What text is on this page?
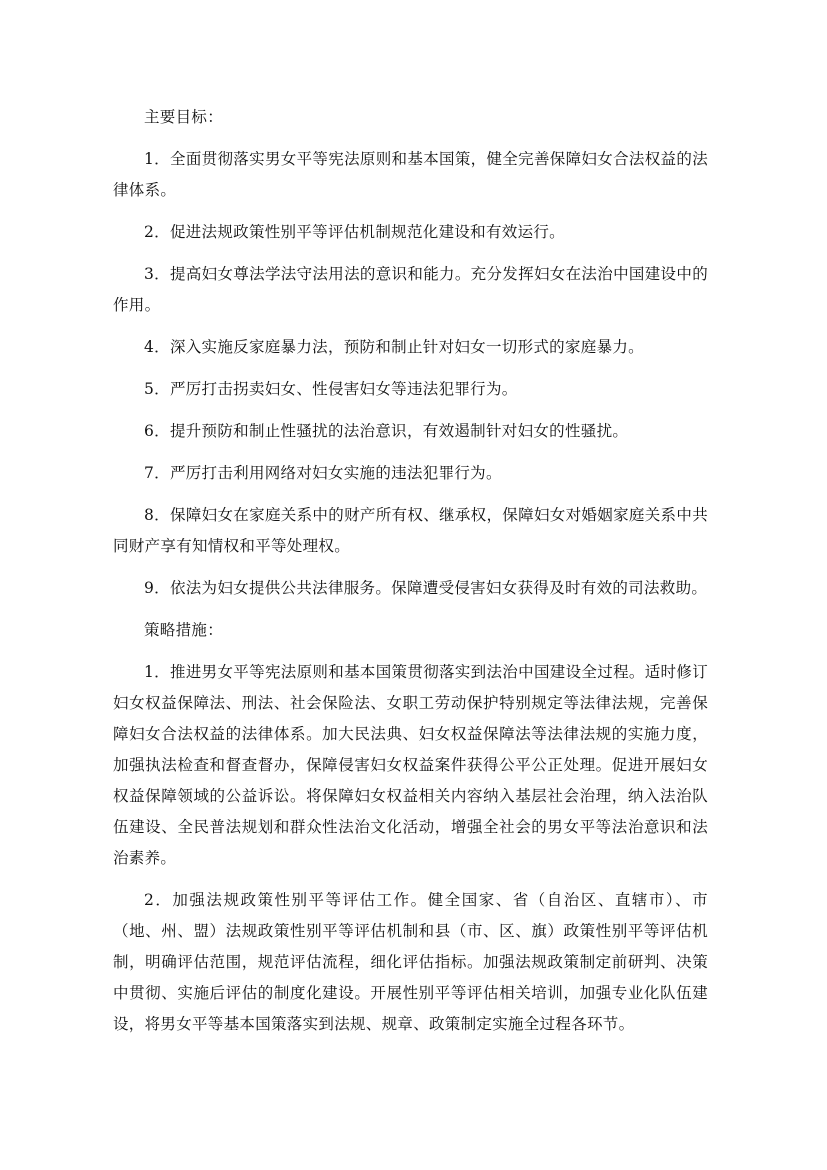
主要目标：

1．全面贯彻落实男女平等宪法原则和基本国策，健全完善保障妇女合法权益的法律体系。

2．促进法规政策性别平等评估机制规范化建设和有效运行。

3．提高妇女尊法学法守法用法的意识和能力。充分发挥妇女在法治中国建设中的作用。

4．深入实施反家庭暴力法，预防和制止针对妇女一切形式的家庭暴力。

5．严厉打击拐卖妇女、性侵害妇女等违法犯罪行为。

6．提升预防和制止性骚扰的法治意识，有效遏制针对妇女的性骚扰。

7．严厉打击利用网络对妇女实施的违法犯罪行为。

8．保障妇女在家庭关系中的财产所有权、继承权，保障妇女对婚姻家庭关系中共同财产享有知情权和平等处理权。

9．依法为妇女提供公共法律服务。保障遭受侵害妇女获得及时有效的司法救助。

策略措施：

1．推进男女平等宪法原则和基本国策贯彻落实到法治中国建设全过程。适时修订妇女权益保障法、刑法、社会保险法、女职工劳动保护特别规定等法律法规，完善保障妇女合法权益的法律体系。加大民法典、妇女权益保障法等法律法规的实施力度，加强执法检查和督查督办，保障侵害妇女权益案件获得公平公正处理。促进开展妇女权益保障领域的公益诉讼。将保障妇女权益相关内容纳入基层社会治理，纳入法治队伍建设、全民普法规划和群众性法治文化活动，增强全社会的男女平等法治意识和法治素养。

2．加强法规政策性别平等评估工作。健全国家、省（自治区、直辖市）、市（地、州、盟）法规政策性别平等评估机制和县（市、区、旗）政策性别平等评估机制，明确评估范围，规范评估流程，细化评估指标。加强法规政策制定前研判、决策中贯彻、实施后评估的制度化建设。开展性别平等评估相关培训，加强专业化队伍建设，将男女平等基本国策落实到法规、规章、政策制定实施全过程各环节。
